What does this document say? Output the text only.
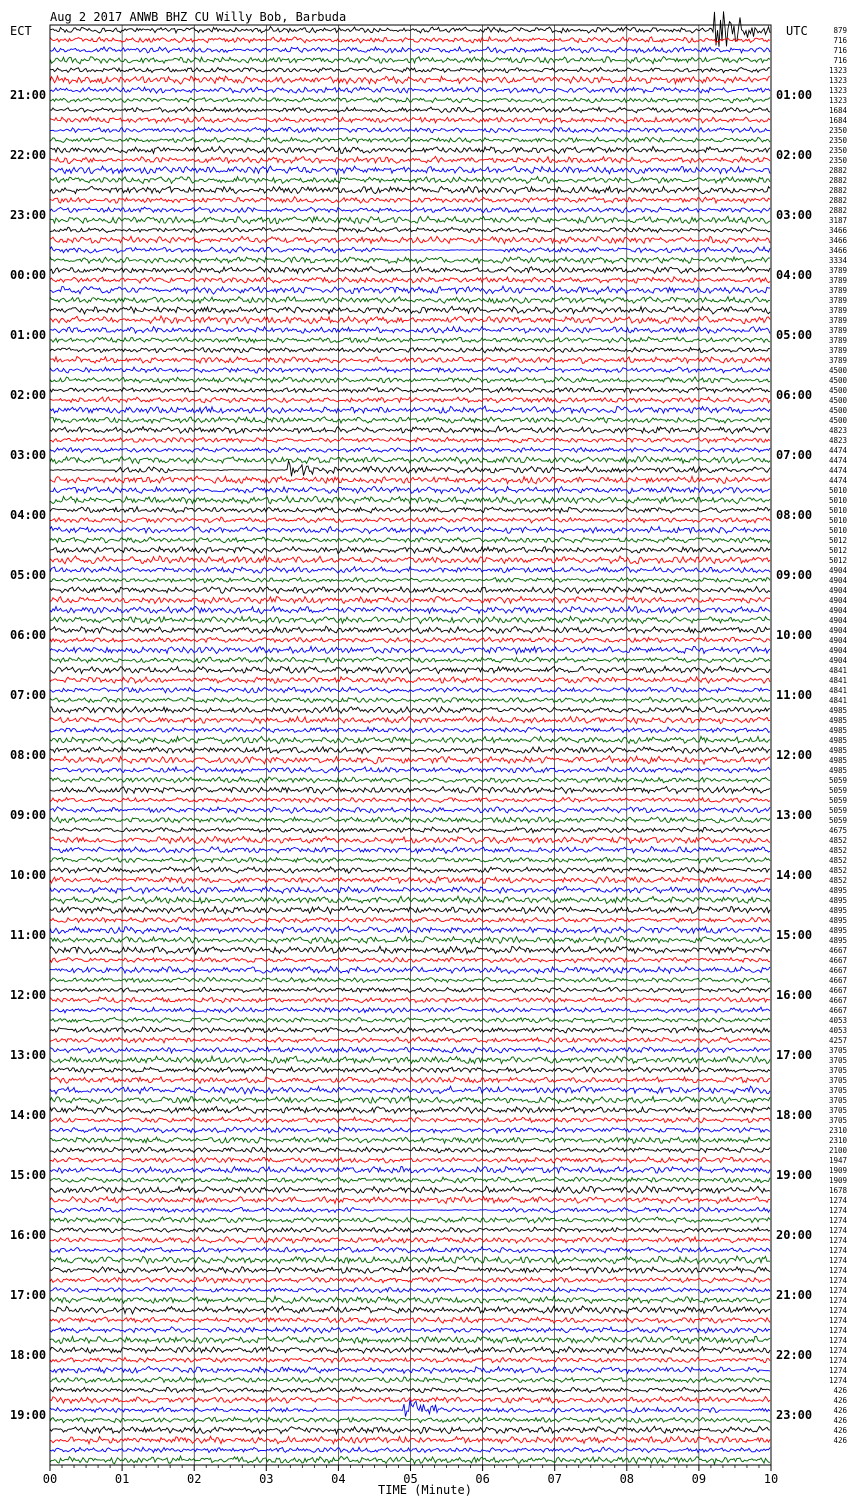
Aug 2 2017 ANWB BHZ CU Willy Bob, Barbuda
ECT	UTC
21:00
22:00
23:00
00:00
01:00
02:00
03:00
04:00
05:00
06:00
07:00
08:00
09:00
10:00
11:00
12:00
13:00
14:00
15:00
16:00
17:00
18:00
19:00
01:00
02:00
03:00
04:00
05:00
06:00
07:00
08:00
09:00
10:00
11:00
12:00
13:00
14:00
15:00
16:00
17:00
18:00
19:00
20:00
21:00
22:00
23:00
879
716
716
716
1323
1323
1323
1323
1684
1684
2350
2350
2350
2350
2882
2882
2882
2882
2882
3187
3466
3466
3466
3334
3789
3789
3789
3789
3789
3789
3789
3789
3789
3789
4500
4500
4500
4500
4500
4500
4823
4823
4474
4474
4474
4474
5010
5010
5010
5010
5010
5012
5012
5012
4904
4904
4904
4904
4904
4904
4904
4904
4904
4904
4841
4841
4841
4841
4985
4985
4985
4985
4985
4985
4985
5059
5059
5059
5059
5059
4675
4852
4852
4852
4852
4852
4895
4895
4895
4895
4895
4895
4667
4667
4667
4667
4667
4667
4667
4053
4053
4257
3705
3705
3705
3705
3705
3705
3705
3705
2310
2310
2100
1947
1909
1909
1678
1274
1274
1274
1274
1274
1274
1274
1274
1274
1274
1274
1274
1274
1274
1274
1274
1274
1274
1274
426
426
426
426
426
426
00	01	02	03	04	05	06	07	08	09	10
TIME (Minute)
